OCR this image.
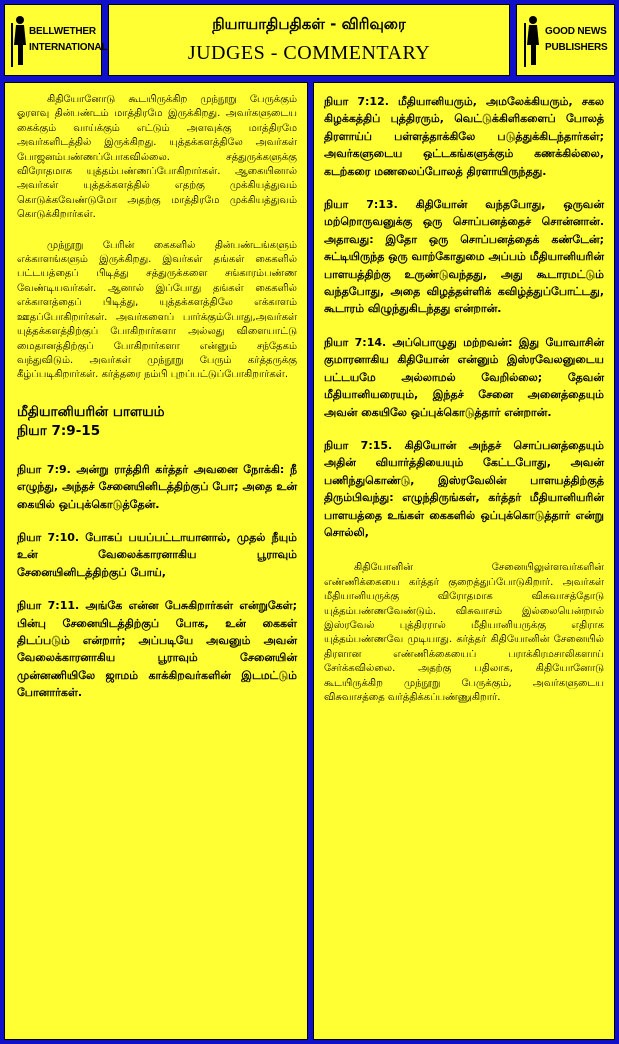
BELLWETHER
INTERNATIONAL
நியாயாதிபதிகள் - விரிவுரை
JUDGES - COMMENTARY
GOOD NEWS
PUBLISHERS

கிதியோனோடு கூடயிருக்கிற முந்நூறு பேருக்கும் ஓரளவு தின்பண்டம் மாத்திரமே இருக்கிறது. அவர்களுடைய கைக்கும் வாய்க்கும் எட்டும் அளவுக்கு மாத்திரமே அவர்களிடத்தில் இருக்கிறது. யுத்தக்களத்திலே அவர்கள் போஜனம்பண்ணப்போகவில்லை. சத்துருக்களுக்கு விரோதமாக யுத்தம்பண்ணப்போகிறார்கள். ஆகையினால் அவர்கள் யுத்தக்களத்தில் எதற்கு முக்கியத்துவம் கொடுக்கவேண்டுமோ அதற்கு மாத்திரமே முக்கியத்துவம் கொடுக்கிறார்கள்.

முந்நூறு பேரின் கைகளில் தின்பண்டங்களும் எக்காளங்களும் இருக்கிறது. இவர்கள் தங்கள் கைகளில் பட்டயத்தைப் பிடித்து சத்துருக்களை சங்காரம்பண்ண வேண்டியவர்கள். ஆனால் இப்போது தங்கள் கைகளில் எக்காளத்தைப் பிடித்து, யுத்தக்களத்திலே எக்காளம் ஊதப்போகிறார்கள். அவர்களைப் பார்க்கும்போது,அவர்கள் யுத்தக்களத்திற்குப் போகிறார்களா அல்லது விளையாட்டு மைதானத்திற்குப் போகிறார்களா என்னும் சந்தேகம் வந்துவிடும். அவர்கள் முந்நூறு பேரும் கர்த்தருக்கு கீழ்ப்படிகிறார்கள். கர்த்தரை நம்பி புறப்பட்டுப்போகிறார்கள்.

மீதியானியரின் பாளயம்
நியா 7:9-15

நியா 7:9. அன்று ராத்திரி கர்த்தர் அவனை நோக்கி: நீ எழுந்து, அந்தச் சேனையினிடத்திற்குப் போ; அதை உன் கையில் ஒப்புக்கொடுத்தேன்.

நியா 7:10. போகப் பயப்பட்டாயானால், முதல் நீயும் உன் வேலைக்காரனாகிய பூராவும் சேனையினிடத்திற்குப் போய்,

நியா 7:11. அங்கே என்ன பேசுகிறார்கள் என்றுகேள்; பின்பு சேனையிடத்திற்குப் போக, உன் கைகள் திடப்படும் என்றார்; அப்படியே அவனும் அவன் வேலைக்காரனாகிய பூராவும் சேனையின் முன்னணியிலே ஜாமம் காக்கிறவர்களின் இடமட்டும் போனார்கள்.

நியா 7:12. மீதியானியரும், அமலேக்கியரும், சகல கிழக்கத்திப் புத்திரரும், வெட்டுக்கிளிகளைப் போலத் திரளாய்ப் பள்ளத்தாக்கிலே படுத்துக்கிடந்தார்கள்; அவர்களுடைய ஒட்டகங்களுக்கும் கணக்கில்லை, கடற்கரை மணலைப்போலத் திரளாயிருந்தது.

நியா 7:13. கிதியோன் வந்தபோது, ஒருவன் மற்றொருவனுக்கு ஒரு சொப்பனத்தைச் சொன்னான். அதாவது: இதோ ஒரு சொப்பனத்தைக் கண்டேன்; சுட்டியிருந்த ஒரு வாற்கோதுமை அப்பம் மீதியானியரின் பாளயத்திற்கு உருண்டுவந்தது, அது கூடாரமட்டும் வந்தபோது, அதை விழத்தள்ளிக் கவிழ்த்துப்போட்டது, கூடாரம் விழுந்துகிடந்தது என்றான்.

நியா 7:14. அப்பொழுது மற்றவன்: இது யோவாசின் குமாரனாகிய கிதியோன் என்னும் இஸ்ரவேலனுடைய பட்டயமே அல்லாமல் வேறில்லை; தேவன் மீதியானியரையும், இந்தச் சேனை அனைத்தையும் அவன் கையிலே ஒப்புக்கொடுத்தார் என்றான்.

நியா 7:15. கிதியோன் அந்தச் சொப்பனத்தையும் அதின் வியார்த்தியையும் கேட்டபோது, அவன் பணிந்துகொண்டு, இஸ்ரவேலின் பாளயத்திற்குத் திரும்பிவந்து: எழுந்திருங்கள், கர்த்தர் மீதியானியரின் பாளயத்தை உங்கள் கைகளில் ஒப்புக்கொடுத்தார் என்று சொல்லி,

கிதியோனின் சேனையிலுள்ளவர்களின் எண்ணிக்கையை கர்த்தர் குறைத்துப்போடுகிறார். அவர்கள் மீதியானியருக்கு விரோதமாக விசுவாசத்தோடு யுத்தம்பண்ணவேண்டும். விசுவாசம் இல்லையென்றால் இஸ்ரவேல் புத்திரரால் மீதியானியருக்கு எதிராக யுத்தம்பண்ணவே முடியாது. கர்த்தர் கிதியோனின் சேனையில் திரளான எண்ணிக்கையைப் பராக்கிரமசாலிகளாய் சேர்க்கவில்லை. அதற்கு பதிலாக, கிதியோனோடு கூடயிருக்கிற முந்நூறு பேருக்கும், அவர்களுடைய விசுவாசத்தை வர்த்திக்கப்பண்ணுகிறார்.
